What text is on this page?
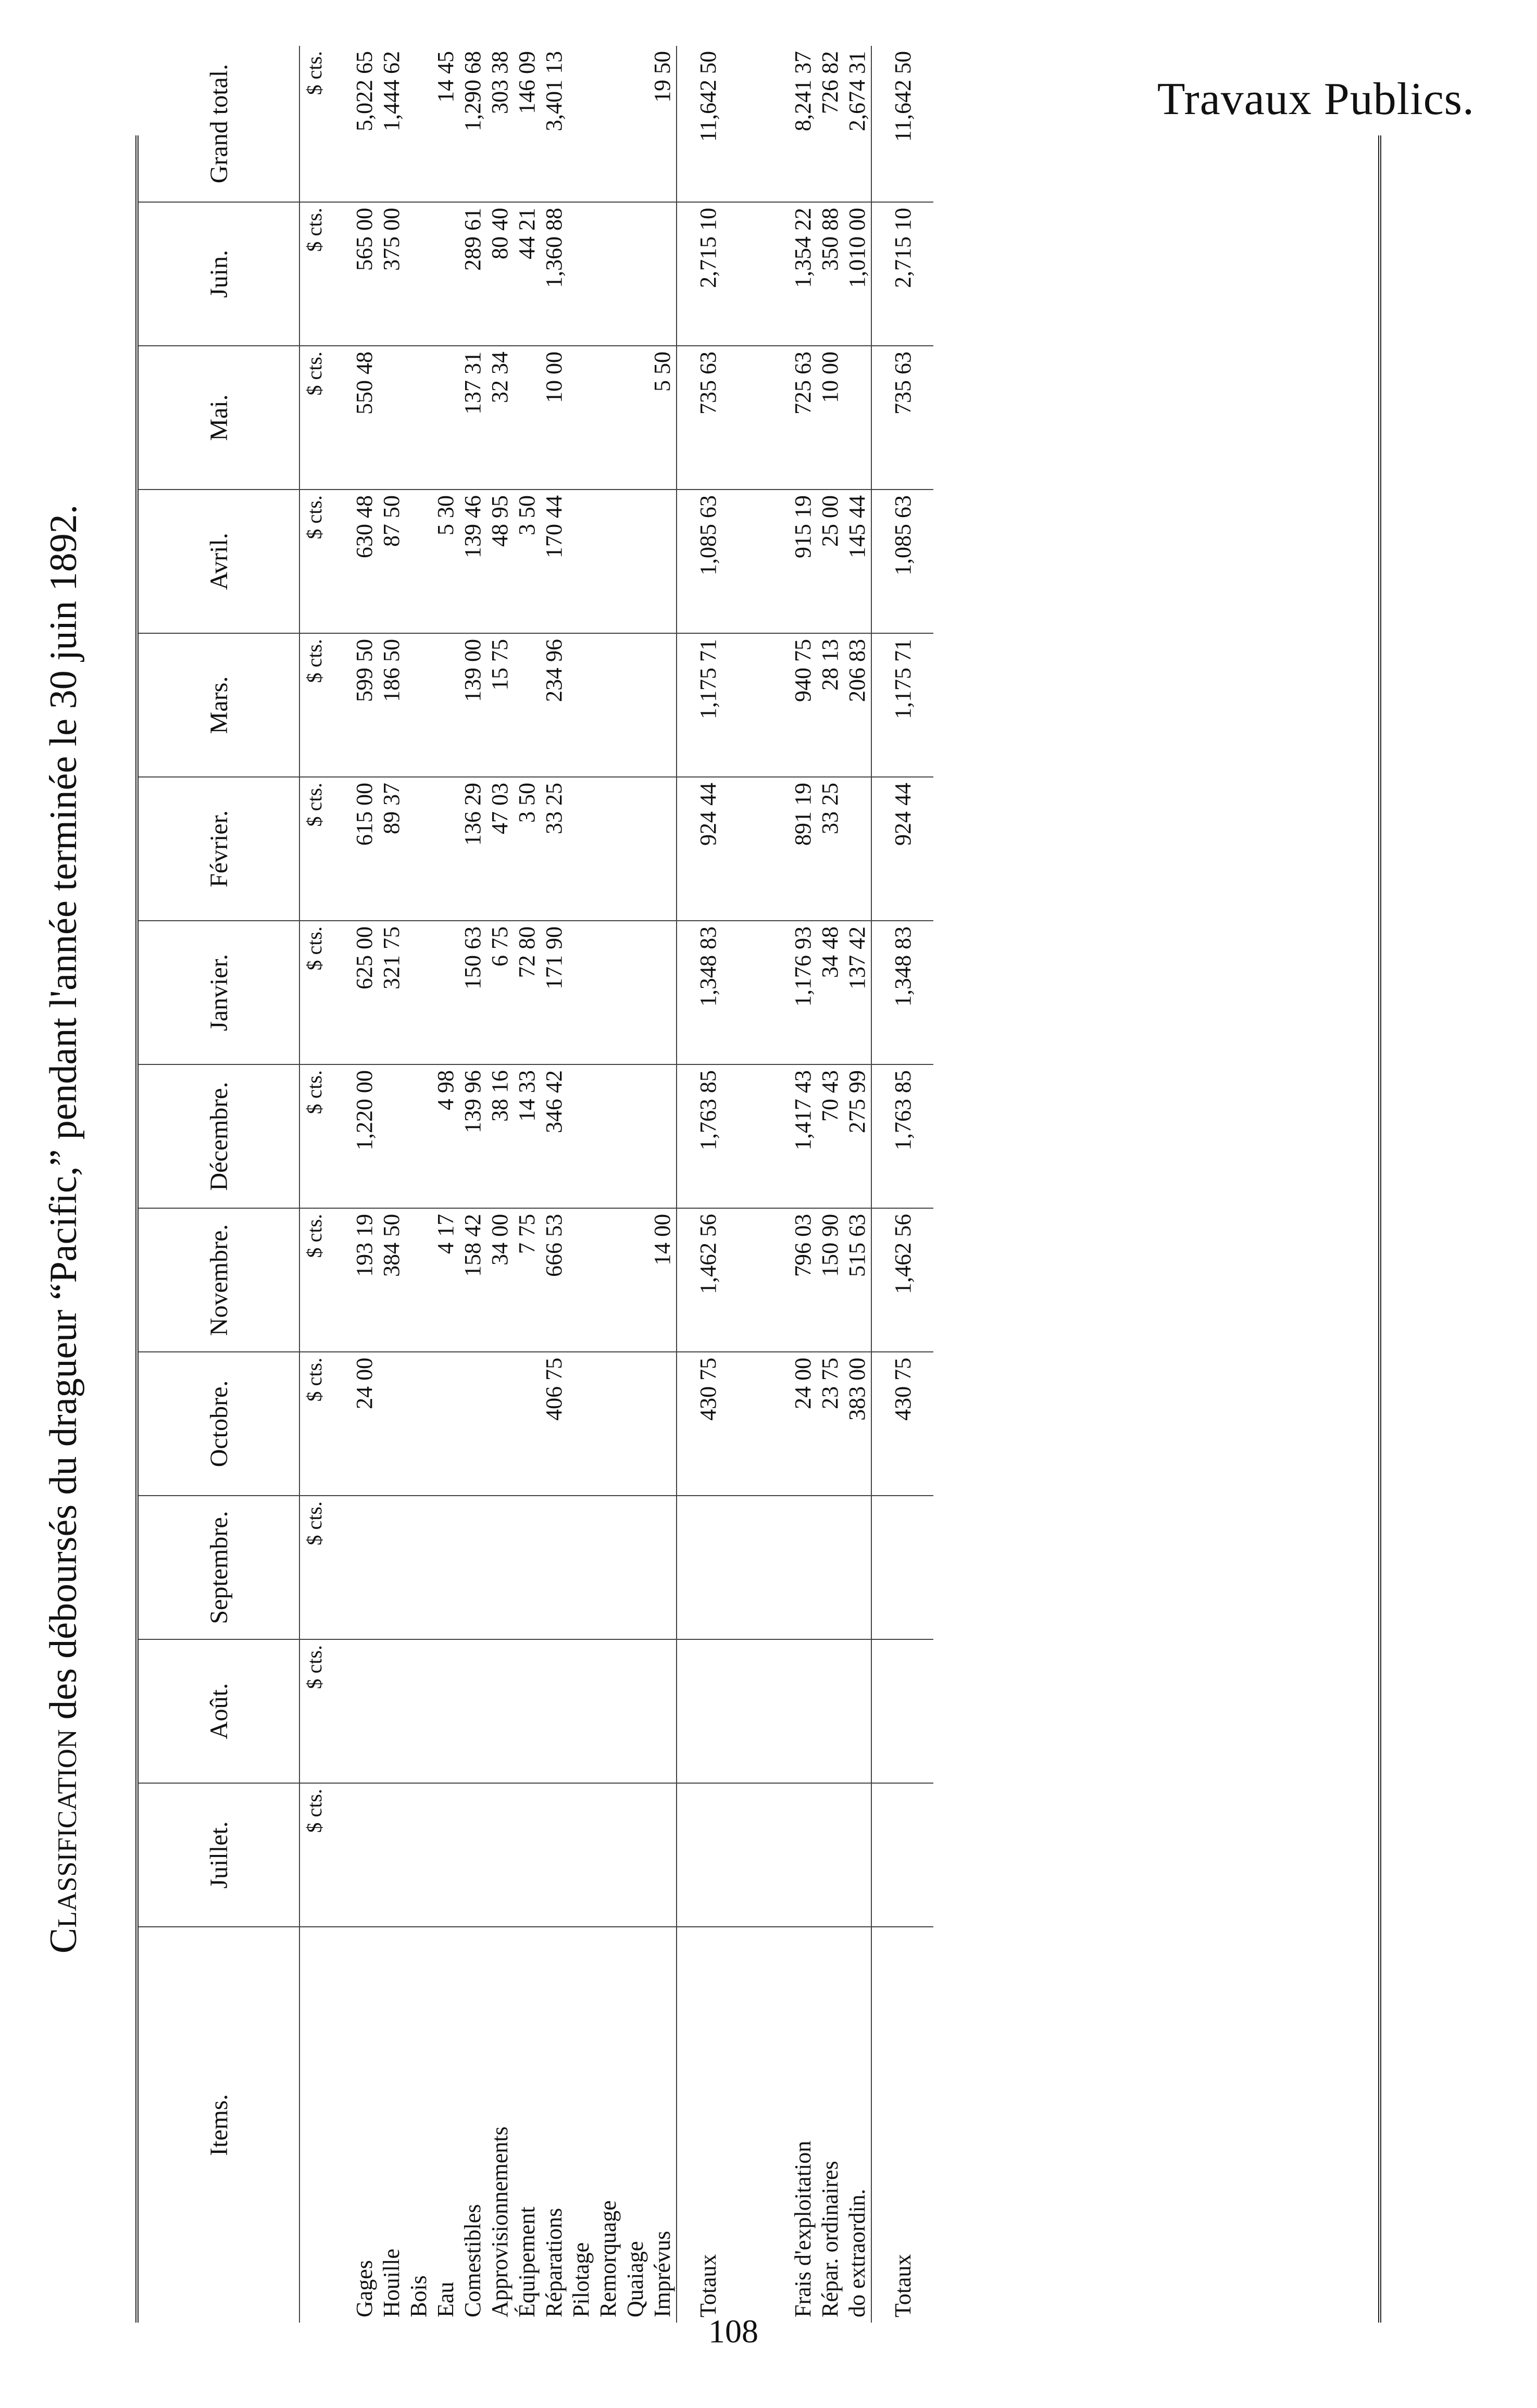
Travaux Publics.
Classification des déboursés du dragueur “Pacific,” pendant l'année terminée le 30 juin 1892.
Items.	Juillet.	Août.	Septembre.	Octobre.	Novembre.	Décembre.	Janvier.	Février.	Mars.	Avril.	Mai.	Juin.	Grand total.
	$ cts.	$ cts.	$ cts.	$ cts.	$ cts.	$ cts.	$ cts.	$ cts.	$ cts.	$ cts.	$ cts.	$ cts.	$ cts.
Gages				24 00	193 19	1,220 00	625 00	615 00	599 50	630 48	550 48	565 00	5,022 65
Houille					384 50		321 75	89 37	186 50	87 50		375 00	1,444 62
Bois													
Eau					4 17	4 98				5 30			14 45
Comestibles					158 42	139 96	150 63	136 29	139 00	139 46	137 31	289 61	1,290 68
Approvisionnements					34 00	38 16	6 75	47 03	15 75	48 95	32 34	80 40	303 38
Équipement					7 75	14 33	72 80	3 50		3 50		44 21	146 09
Réparations				406 75	666 53	346 42	171 90	33 25	234 96	170 44	10 00	1,360 88	3,401 13
Pilotage													
Remorquage													
Quaiage													
Imprévus					14 00						5 50		19 50
Totaux				430 75	1,462 56	1,763 85	1,348 83	924 44	1,175 71	1,085 63	735 63	2,715 10	11,642 50

Frais d'exploitation				24 00	796 03	1,417 43	1,176 93	891 19	940 75	915 19	725 63	1,354 22	8,241 37
Répar. ordinaires				23 75	150 90	70 43	34 48	33 25	28 13	25 00	10 00	350 88	726 82
do extraordin.				383 00	515 63	275 99	137 42		206 83	145 44		1,010 00	2,674 31
Totaux				430 75	1,462 56	1,763 85	1,348 83	924 44	1,175 71	1,085 63	735 63	2,715 10	11,642 50
108
